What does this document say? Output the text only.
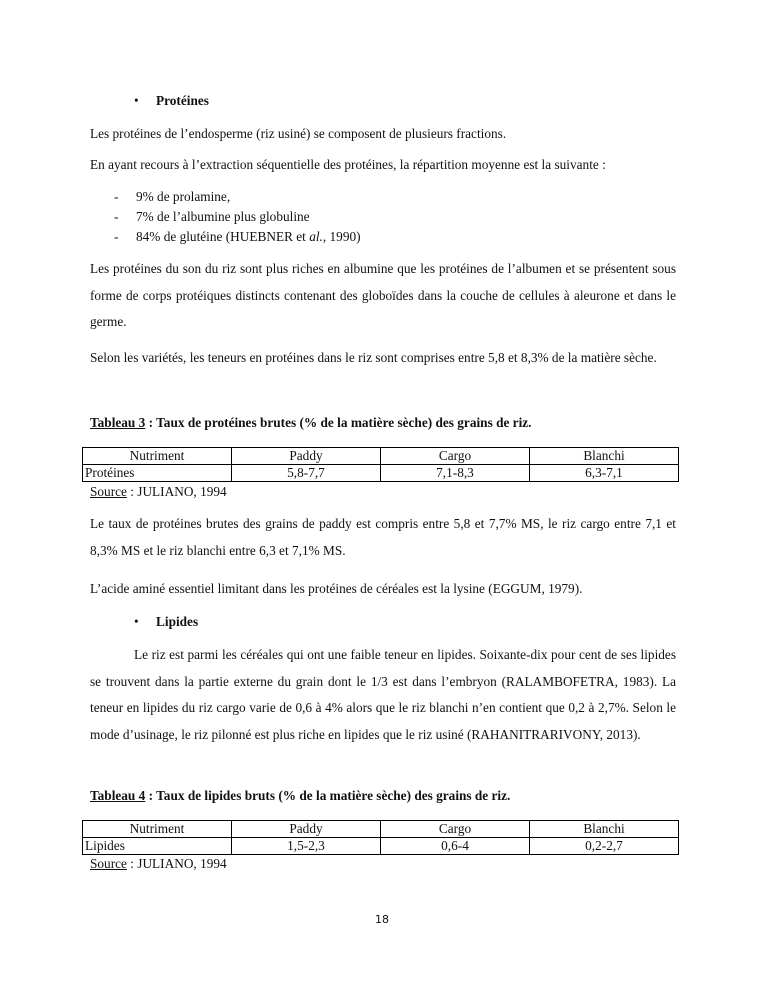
• Protéines
Les protéines de l’endosperme (riz usiné) se composent de plusieurs fractions.
En ayant recours à l’extraction séquentielle des protéines, la répartition moyenne est la suivante :
- 9% de prolamine,
- 7% de l’albumine plus globuline
- 84% de glutéine (HUEBNER et al., 1990)
Les protéines du son du riz sont plus riches en albumine que les protéines de l’albumen et se présentent sous forme de corps protéiques distincts contenant des globoïdes dans la couche de cellules à aleurone et dans le germe.
Selon les variétés, les teneurs en protéines dans le riz sont comprises entre 5,8 et 8,3% de la matière sèche.
Tableau 3 : Taux de protéines brutes (% de la matière sèche) des grains de riz.
Nutriment	Paddy	Cargo	Blanchi
Protéines	5,8-7,7	7,1-8,3	6,3-7,1
Source : JULIANO, 1994
Le taux de protéines brutes des grains de paddy est compris entre 5,8 et 7,7% MS, le riz cargo entre 7,1 et 8,3% MS et le riz blanchi entre 6,3 et 7,1% MS.
L’acide aminé essentiel limitant dans les protéines de céréales est la lysine (EGGUM, 1979).
• Lipides
Le riz est parmi les céréales qui ont une faible teneur en lipides. Soixante-dix pour cent de ses lipides se trouvent dans la partie externe du grain dont le 1/3 est dans l’embryon (RALAMBOFETRA, 1983). La teneur en lipides du riz cargo varie de 0,6 à 4% alors que le riz blanchi n’en contient que 0,2 à 2,7%. Selon le mode d’usinage, le riz pilonné est plus riche en lipides que le riz usiné (RAHANITRARIVONY, 2013).
Tableau 4 : Taux de lipides bruts (% de la matière sèche) des grains de riz.
Nutriment	Paddy	Cargo	Blanchi
Lipides	1,5-2,3	0,6-4	0,2-2,7
Source : JULIANO, 1994
18
